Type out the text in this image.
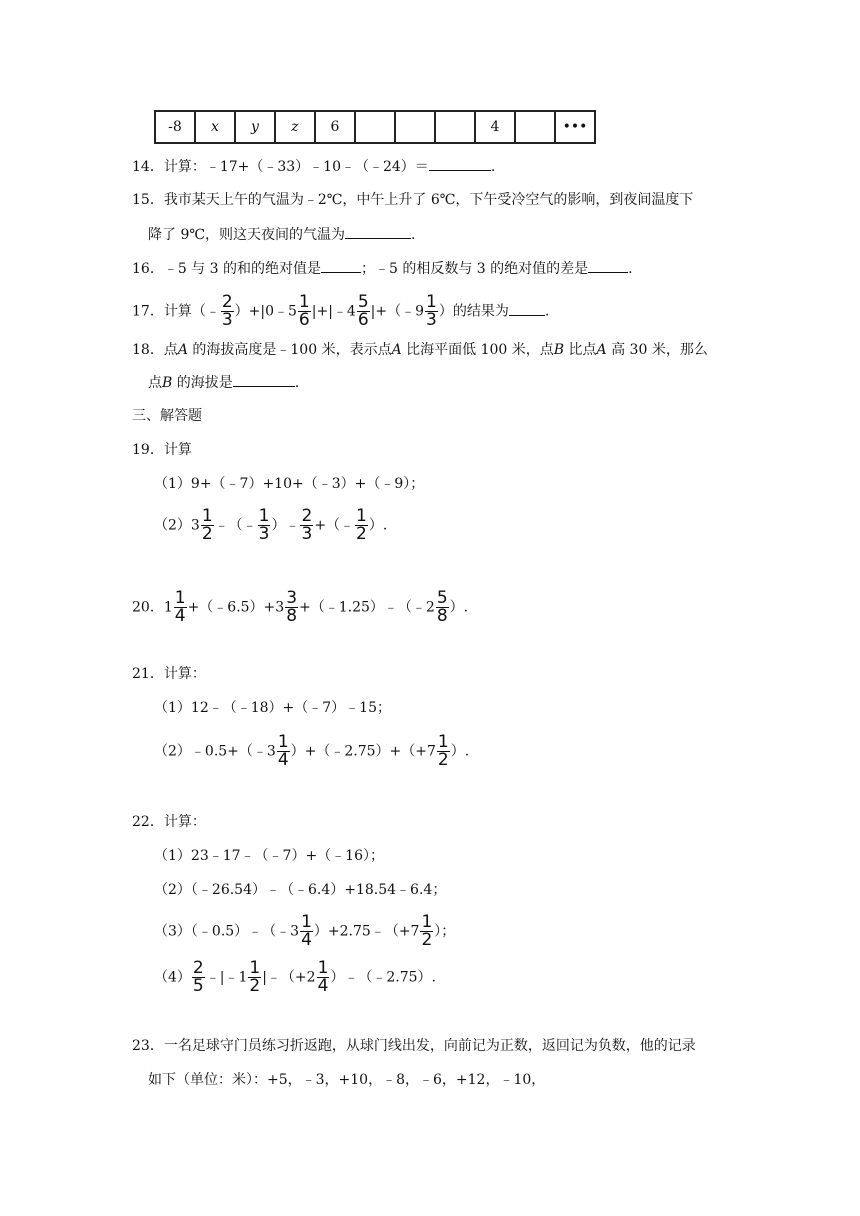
-8	x	y	z	6				4		•••
14．计算：﹣17+（﹣33）﹣10﹣（﹣24）＝	.
15．我市某天上午的气温为﹣2℃，中午上升了 6℃，下午受冷空气的影响，到夜间温度下
降了 9℃，则这天夜间的气温为	.
16．﹣5 与 3 的和的绝对值是	；﹣5 的相反数与 3 的绝对值的差是	.
17．计算（﹣ $\frac{2}{3}$ ）+|0﹣5 $\frac{1}{6}$ |+|﹣4 $\frac{5}{6}$ |+（﹣9 $\frac{1}{3}$ ）的结果为	.
18．点A 的海拔高度是﹣100 米，表示点A 比海平面低 100 米，点B 比点A 高 30 米，那么
点B 的海拔是	.
三、解答题
19．计算
（1）9+（﹣7）+10+（﹣3）+（﹣9）；
$(2)3 \frac{1}{2}$ ﹣（﹣ $\frac{1}{3}$ ）﹣ $\frac{2}{3}$ +（﹣ $\frac{1}{2}$ ）.
20．$1 \frac{1}{4}$ +（﹣6.5）+3 $\frac{3}{8}$ +（﹣1.25）﹣（﹣2 $\frac{5}{8}$ ）.
21．计算：
（1）12﹣（﹣18）+（﹣7）﹣15；
（2）﹣0.5+（﹣3 $\frac{1}{4}$ ）+（﹣2.75）+（+7 $\frac{1}{2}$ ）.
22．计算：
（1）23﹣17﹣（﹣7）+（﹣16）；
（2）（﹣26.54）﹣（﹣6.4）+18.54﹣6.4；
（3）（﹣0.5）﹣（﹣3 $\frac{1}{4}$ ）+2.75﹣（+7 $\frac{1}{2}$ ）；
$(4) \frac{2}{5}$ ﹣|﹣1 $\frac{1}{2}$ |﹣（+2 $\frac{1}{4}$ ）﹣（﹣2.75）.
23．一名足球守门员练习折返跑，从球门线出发，向前记为正数，返回记为负数，他的记录
如下（单位：米）：+5，﹣3，+10，﹣8，﹣6，+12，﹣10，
